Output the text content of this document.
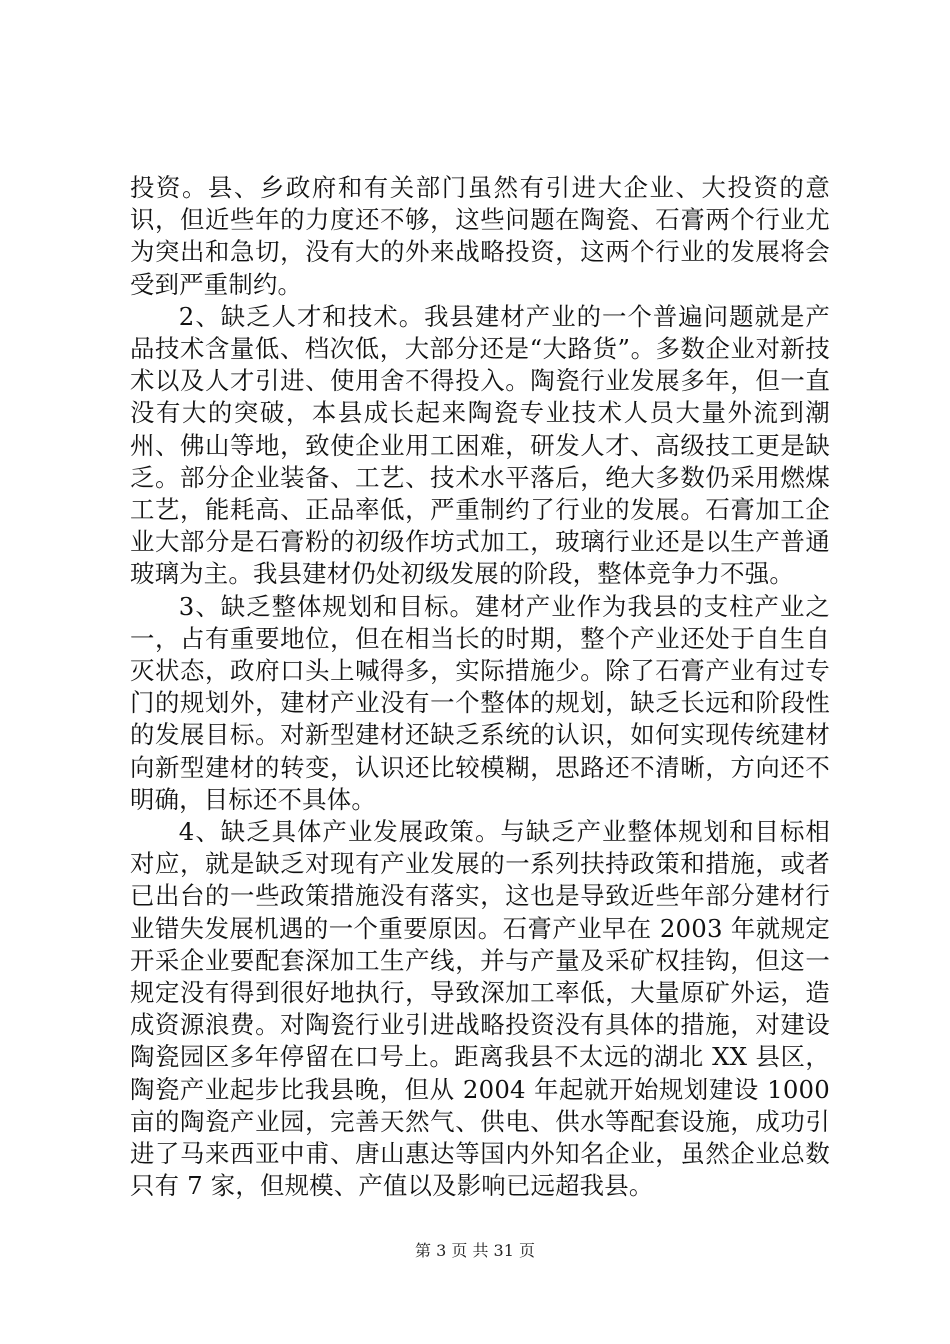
投资。县、乡政府和有关部门虽然有引进大企业、大投资的意识，但近些年的力度还不够，这些问题在陶瓷、石膏两个行业尤为突出和急切，没有大的外来战略投资，这两个行业的发展将会受到严重制约。

2、缺乏人才和技术。我县建材产业的一个普遍问题就是产品技术含量低、档次低，大部分还是“大路货”。多数企业对新技术以及人才引进、使用舍不得投入。陶瓷行业发展多年，但一直没有大的突破，本县成长起来陶瓷专业技术人员大量外流到潮州、佛山等地，致使企业用工困难，研发人才、高级技工更是缺乏。部分企业装备、工艺、技术水平落后，绝大多数仍采用燃煤工艺，能耗高、正品率低，严重制约了行业的发展。石膏加工企业大部分是石膏粉的初级作坊式加工，玻璃行业还是以生产普通玻璃为主。我县建材仍处初级发展的阶段，整体竞争力不强。

3、缺乏整体规划和目标。建材产业作为我县的支柱产业之一，占有重要地位，但在相当长的时期，整个产业还处于自生自灭状态，政府口头上喊得多，实际措施少。除了石膏产业有过专门的规划外，建材产业没有一个整体的规划，缺乏长远和阶段性的发展目标。对新型建材还缺乏系统的认识，如何实现传统建材向新型建材的转变，认识还比较模糊，思路还不清晰，方向还不明确，目标还不具体。

4、缺乏具体产业发展政策。与缺乏产业整体规划和目标相对应，就是缺乏对现有产业发展的一系列扶持政策和措施，或者已出台的一些政策措施没有落实，这也是导致近些年部分建材行业错失发展机遇的一个重要原因。石膏产业早在 2003 年就规定开采企业要配套深加工生产线，并与产量及采矿权挂钩，但这一规定没有得到很好地执行，导致深加工率低，大量原矿外运，造成资源浪费。对陶瓷行业引进战略投资没有具体的措施，对建设陶瓷园区多年停留在口号上。距离我县不太远的湖北 XX 县区，陶瓷产业起步比我县晚，但从 2004 年起就开始规划建设 1000 亩的陶瓷产业园，完善天然气、供电、供水等配套设施，成功引进了马来西亚中甫、唐山惠达等国内外知名企业，虽然企业总数只有 7 家，但规模、产值以及影响已远超我县。

第 3 页 共 31 页
